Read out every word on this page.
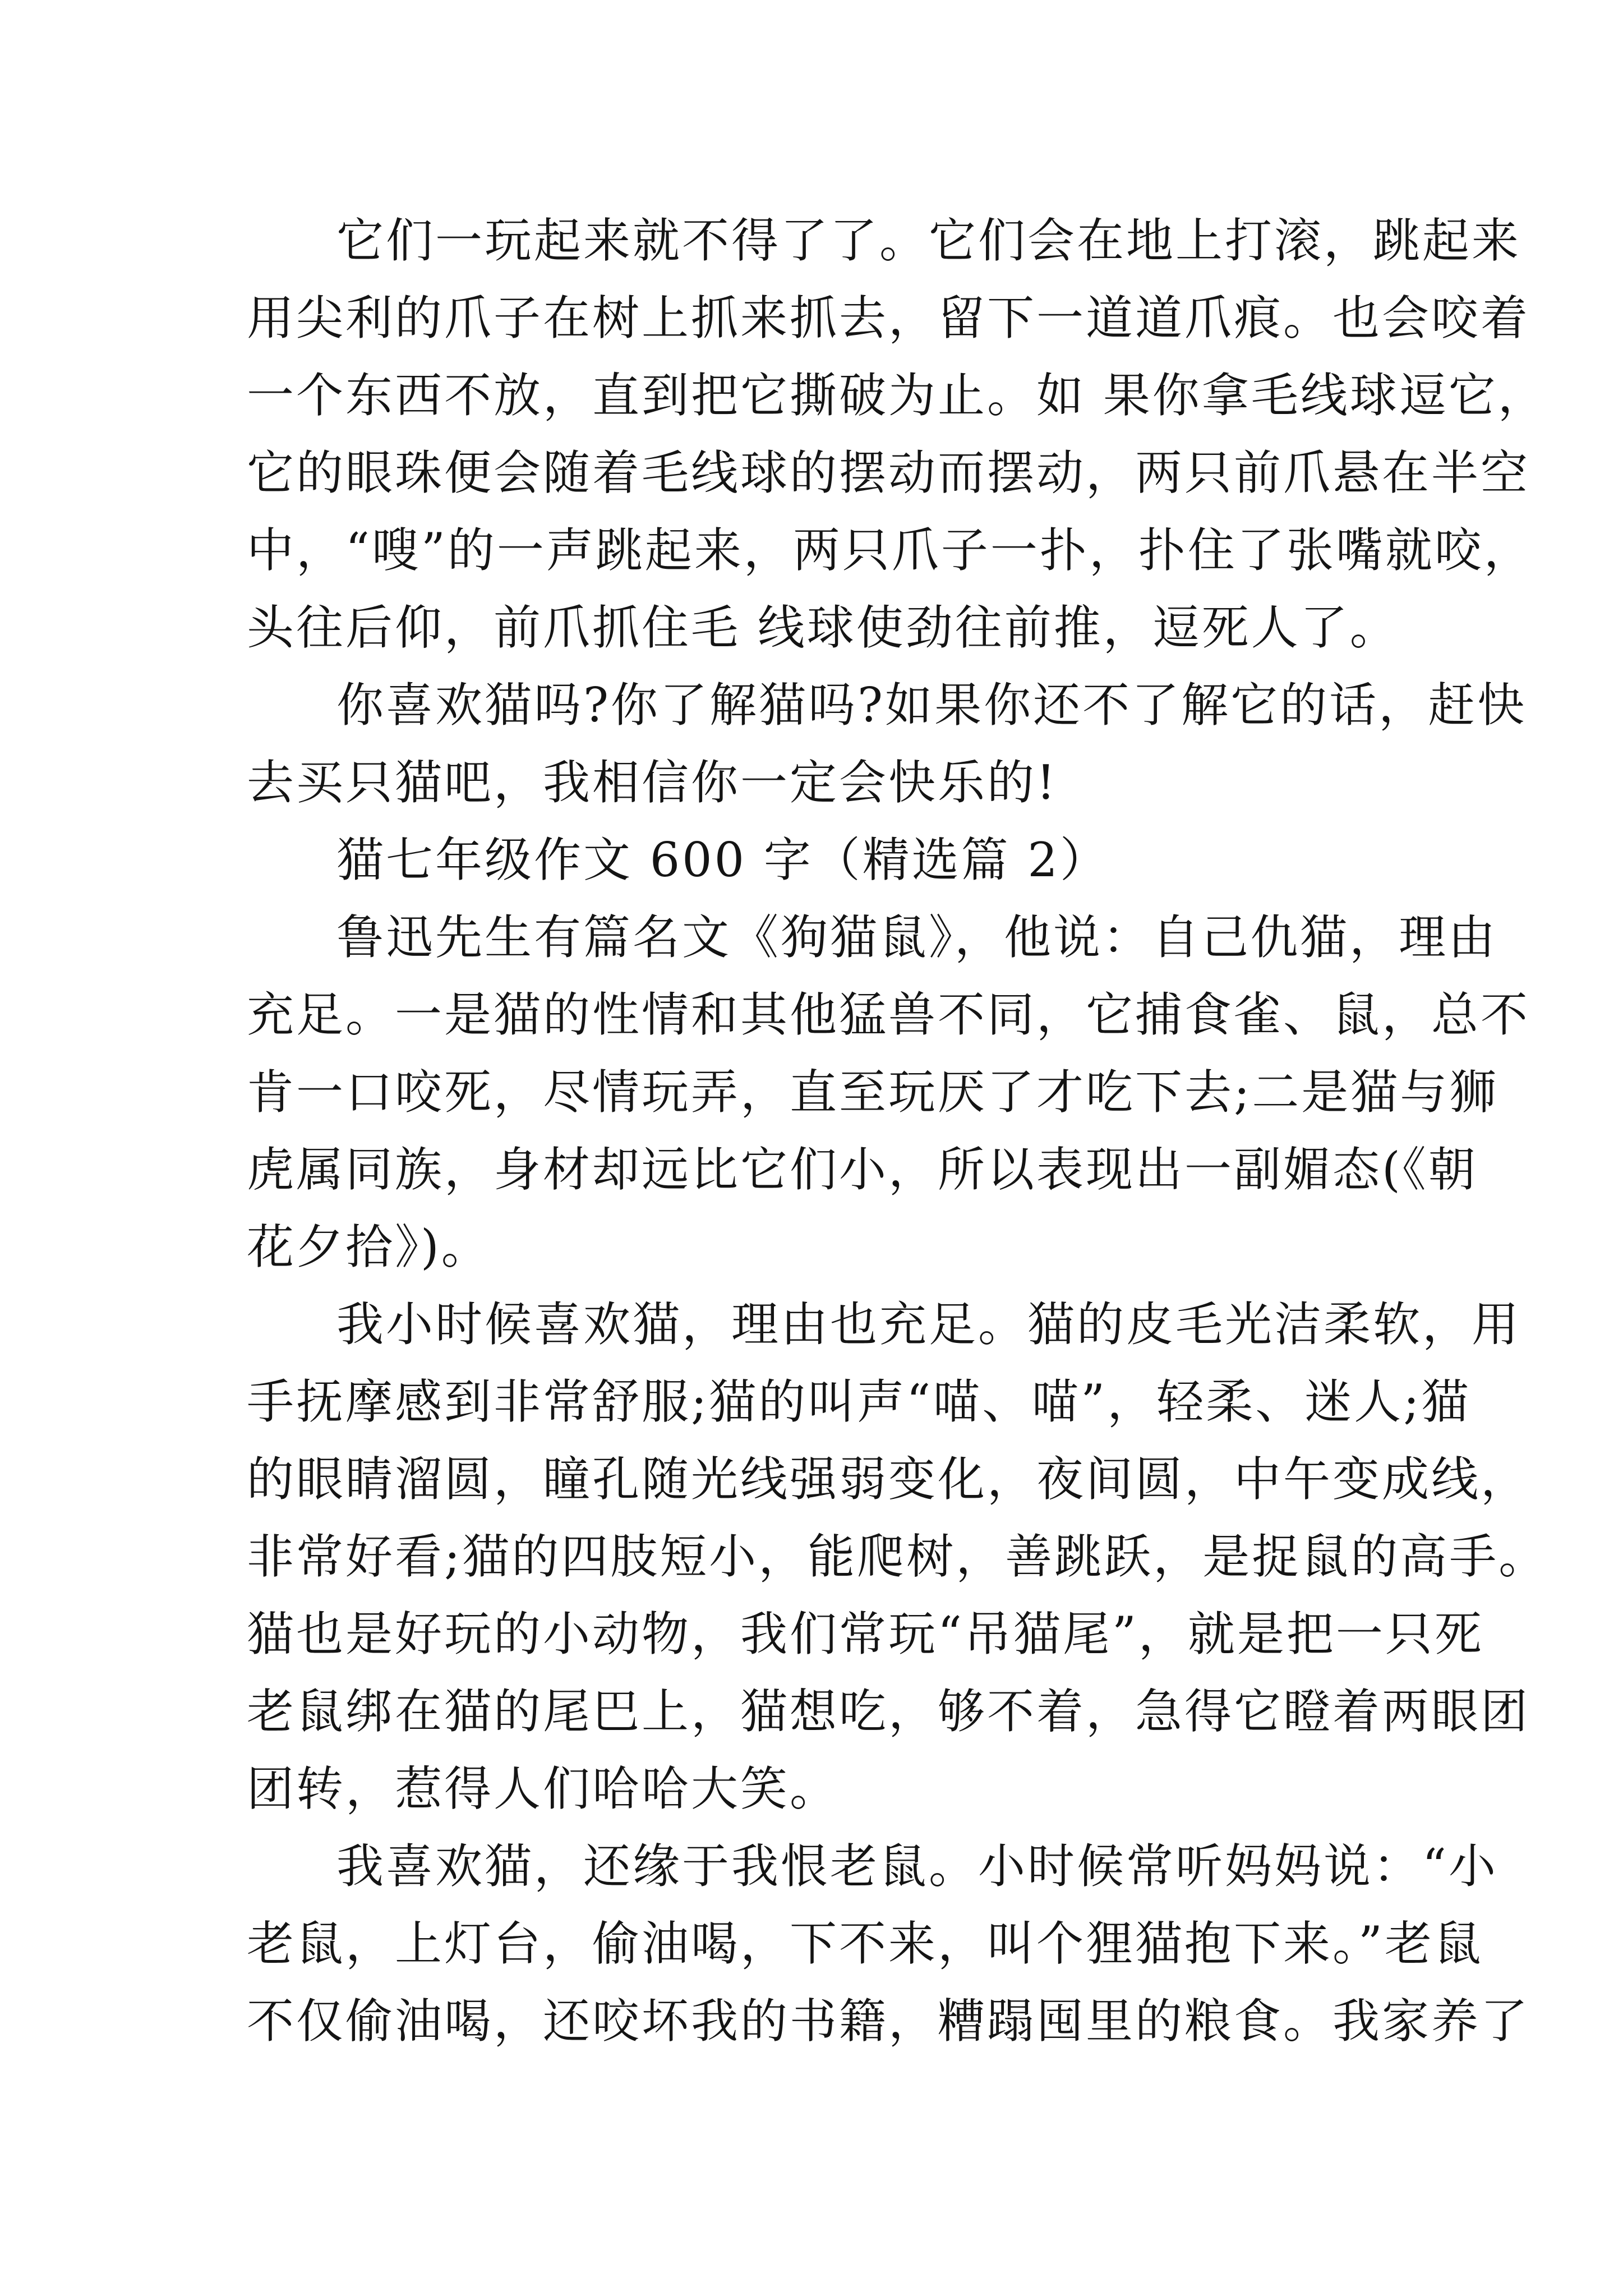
它们一玩起来就不得了了。它们会在地上打滚，跳起来
用尖利的爪子在树上抓来抓去，留下一道道爪痕。也会咬着
一个东西不放，直到把它撕破为止。如 果你拿毛线球逗它，
它的眼珠便会随着毛线球的摆动而摆动，两只前爪悬在半空
中，“嗖”的一声跳起来，两只爪子一扑，扑住了张嘴就咬，
头往后仰，前爪抓住毛 线球使劲往前推，逗死人了。
你喜欢猫吗?你了解猫吗?如果你还不了解它的话，赶快
去买只猫吧，我相信你一定会快乐的!
猫七年级作文 600 字（精选篇 2）
鲁迅先生有篇名文《狗猫鼠》，他说：自己仇猫，理由
充足。一是猫的性情和其他猛兽不同，它捕食雀、鼠，总不
肯一口咬死，尽情玩弄，直至玩厌了才吃下去;二是猫与狮
虎属同族，身材却远比它们小，所以表现出一副媚态(《朝
花夕拾》)。
我小时候喜欢猫，理由也充足。猫的皮毛光洁柔软，用
手抚摩感到非常舒服;猫的叫声“喵、喵”，轻柔、迷人;猫
的眼睛溜圆，瞳孔随光线强弱变化，夜间圆，中午变成线，
非常好看;猫的四肢短小，能爬树，善跳跃，是捉鼠的高手。
猫也是好玩的小动物，我们常玩“吊猫尾”，就是把一只死
老鼠绑在猫的尾巴上，猫想吃，够不着，急得它瞪着两眼团
团转，惹得人们哈哈大笑。
我喜欢猫，还缘于我恨老鼠。小时候常听妈妈说：“小
老鼠，上灯台，偷油喝，下不来，叫个狸猫抱下来。”老鼠
不仅偷油喝，还咬坏我的书籍，糟蹋囤里的粮食。我家养了
